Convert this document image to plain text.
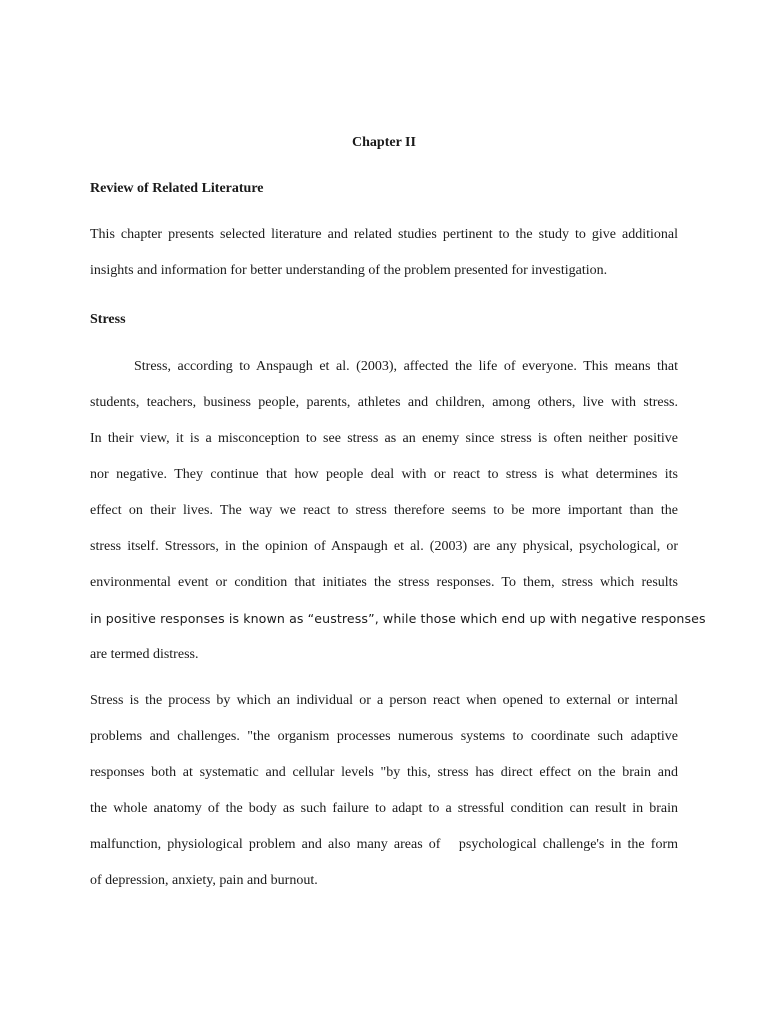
Chapter II
Review of Related Literature
This chapter presents selected literature and related studies pertinent to the study to give additional
insights and information for better understanding of the problem presented for investigation.
Stress
Stress, according to Anspaugh et al. (2003), affected the life of everyone. This means that
students, teachers, business people, parents, athletes and children, among others, live with stress.
In their view, it is a misconception to see stress as an enemy since stress is often neither positive
nor negative. They continue that how people deal with or react to stress is what determines its
effect on their lives. The way we react to stress therefore seems to be more important than the
stress itself. Stressors, in the opinion of Anspaugh et al. (2003) are any physical, psychological, or
environmental event or condition that initiates the stress responses. To them, stress which results
in positive responses is known as “eustress”, while those which end up with negative responses
are termed distress.
Stress is the process by which an individual or a person react when opened to external or internal
problems and challenges. "the organism processes numerous systems to coordinate such adaptive
responses both at systematic and cellular levels "by this, stress has direct effect on the brain and
the whole anatomy of the body as such failure to adapt to a stressful condition can result in brain
malfunction, physiological problem and also many areas of   psychological challenge's in the form
of depression, anxiety, pain and burnout.
